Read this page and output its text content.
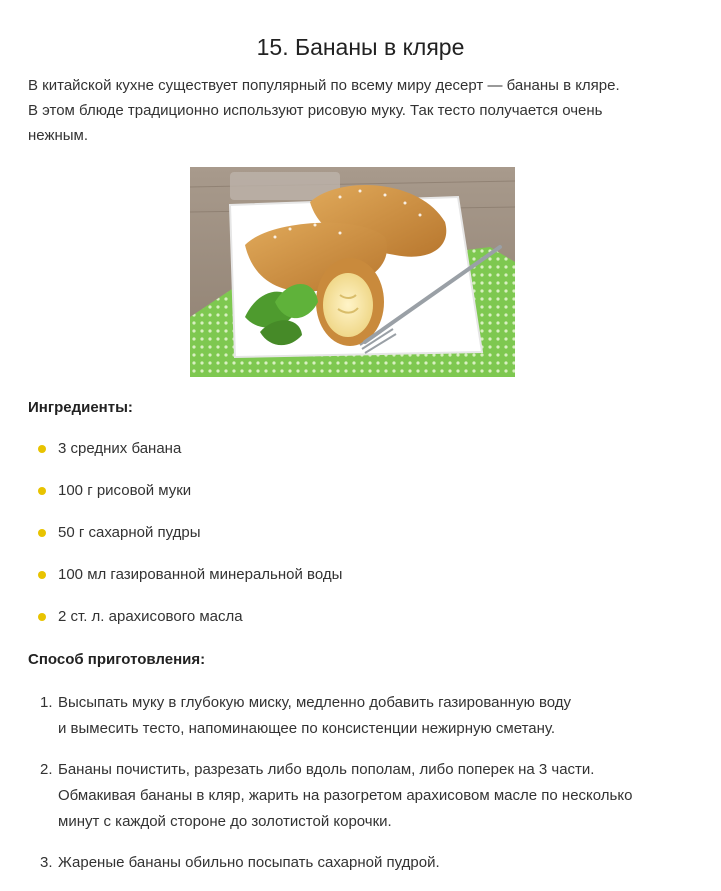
15. Бананы в кляре

В китайской кухне существует популярный по всему миру десерт — бананы в кляре.
В этом блюде традиционно используют рисовую муку. Так тесто получается очень
нежным.

Ингредиенты:
3 средних банана
100 г рисовой муки
50 г сахарной пудры
100 мл газированной минеральной воды
2 ст. л. арахисового масла
Способ приготовления:
1. Высыпать муку в глубокую миску, медленно добавить газированную воду
и вымесить тесто, напоминающее по консистенции нежирную сметану.
2. Бананы почистить, разрезать либо вдоль пополам, либо поперек на 3 части.
Обмакивая бананы в кляр, жарить на разогретом арахисовом масле по несколько
минут с каждой стороне до золотистой корочки.
3. Жареные бананы обильно посыпать сахарной пудрой.
